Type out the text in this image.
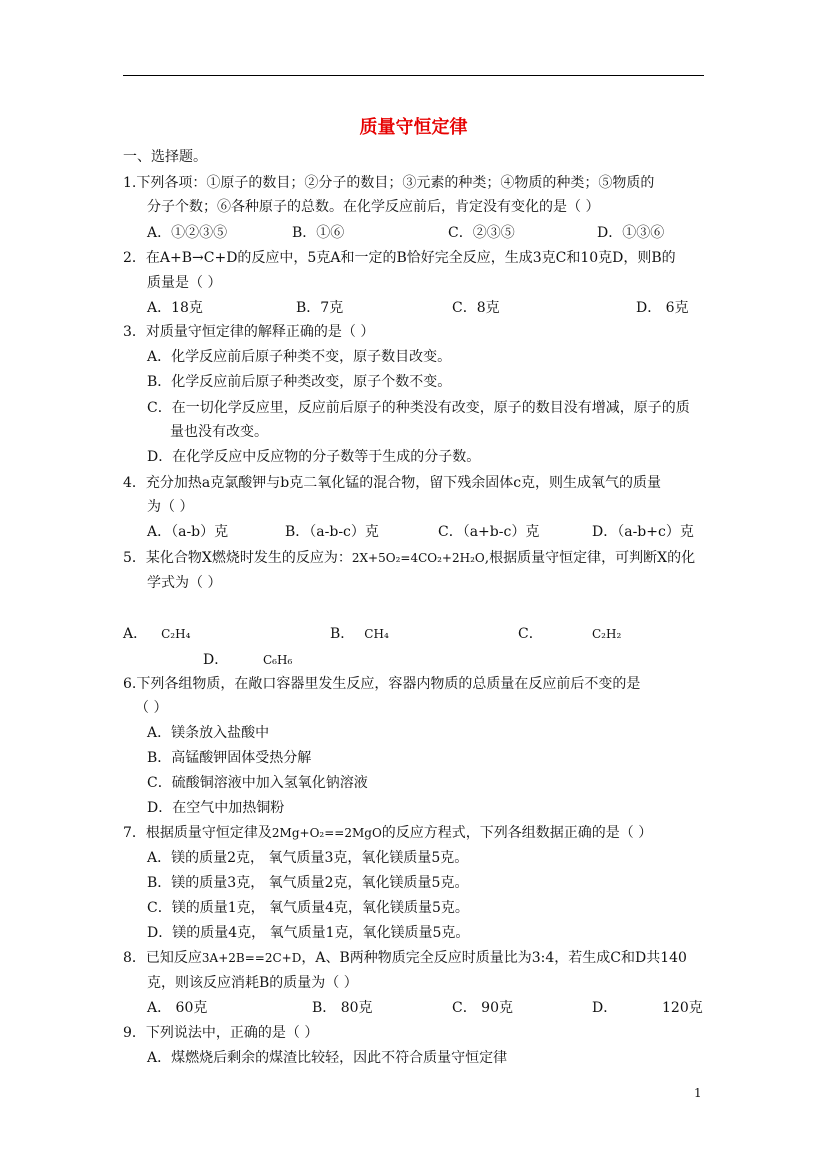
质量守恒定律
一、选择题。
1.下列各项：①原子的数目；②分子的数目；③元素的种类；④物质的种类；⑤物质的
分子个数；⑥各种原子的总数。在化学反应前后，肯定没有变化的是（ ）
A．①②③⑤	B．①⑥	C．②③⑤	D．①③⑥
2．在A+B→C+D的反应中，5克A和一定的B恰好完全反应，生成3克C和10克D，则B的
质量是（ ）
A．18克	B．7克	C．8克	D． 6克
3．对质量守恒定律的解释正确的是（ ）
A．化学反应前后原子种类不变，原子数目改变。
B．化学反应前后原子种类改变，原子个数不变。
C．在一切化学反应里，反应前后原子的种类没有改变，原子的数目没有增减，原子的质
量也没有改变。
D．在化学反应中反应物的分子数等于生成的分子数。
4．充分加热a克氯酸钾与b克二氧化锰的混合物，留下残余固体c克，则生成氧气的质量
为（ ）
A．（a-b）克	B．（a-b-c）克	C．（a+b-c）克	D．（a-b+c）克
5．某化合物X燃烧时发生的反应为：2X+5O₂=4CO₂+2H₂O,根据质量守恒定律，可判断X的化
学式为（ ）
A． C₂H₄	B． CH₄	C．	C₂H₂
D．	C₆H₆
6.下列各组物质，在敞口容器里发生反应，容器内物质的总质量在反应前后不变的是
（ ）
A．镁条放入盐酸中
B．高锰酸钾固体受热分解
C．硫酸铜溶液中加入氢氧化钠溶液
D．在空气中加热铜粉
7．根据质量守恒定律及2Mg+O₂==2MgO的反应方程式，下列各组数据正确的是（ ）
A．镁的质量2克， 氧气质量3克，氧化镁质量5克。
B．镁的质量3克， 氧气质量2克，氧化镁质量5克。
C．镁的质量1克， 氧气质量4克，氧化镁质量5克。
D．镁的质量4克， 氧气质量1克，氧化镁质量5克。
8．已知反应3A+2B==2C+D，A、B两种物质完全反应时质量比为3:4，若生成C和D共140
克，则该反应消耗B的质量为（ ）
A． 60克	B． 80克	C． 90克	D．	120克
9．下列说法中，正确的是（ ）
A．煤燃烧后剩余的煤渣比较轻，因此不符合质量守恒定律
1
